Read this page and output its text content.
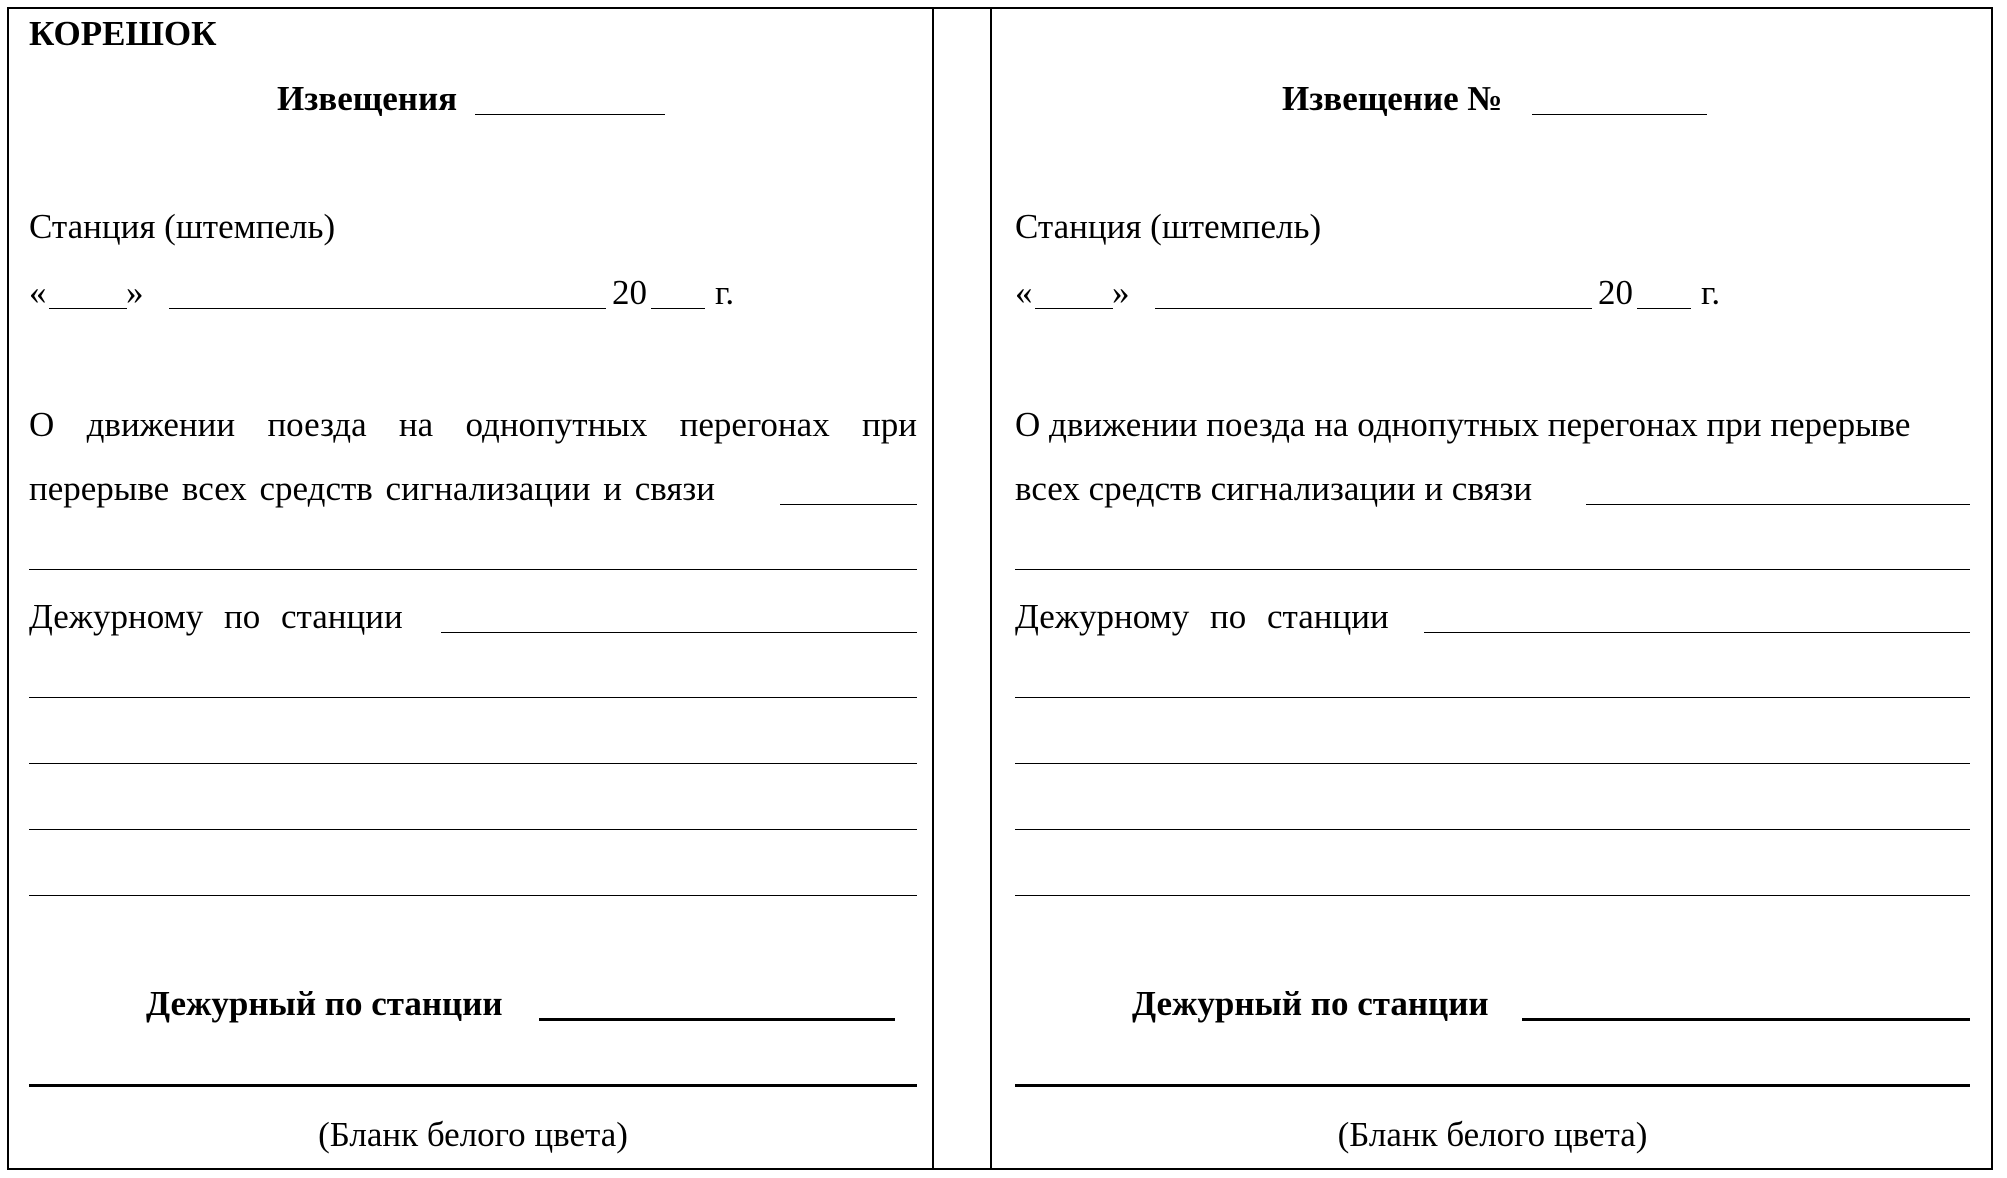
КОРЕШОК
Извещения
Станция (штемпель)
« »	20 г.
О движении поезда на однопутных перегонах при
перерыве всех средств сигнализации и связи
Дежурному по станции
Дежурный по станции
(Бланк белого цвета)
Извещение №
Станция (штемпель)
« »	20 г.
О движении поезда на однопутных перегонах при перерыве
всех средств сигнализации и связи
Дежурному по станции
Дежурный по станции
(Бланк белого цвета)
